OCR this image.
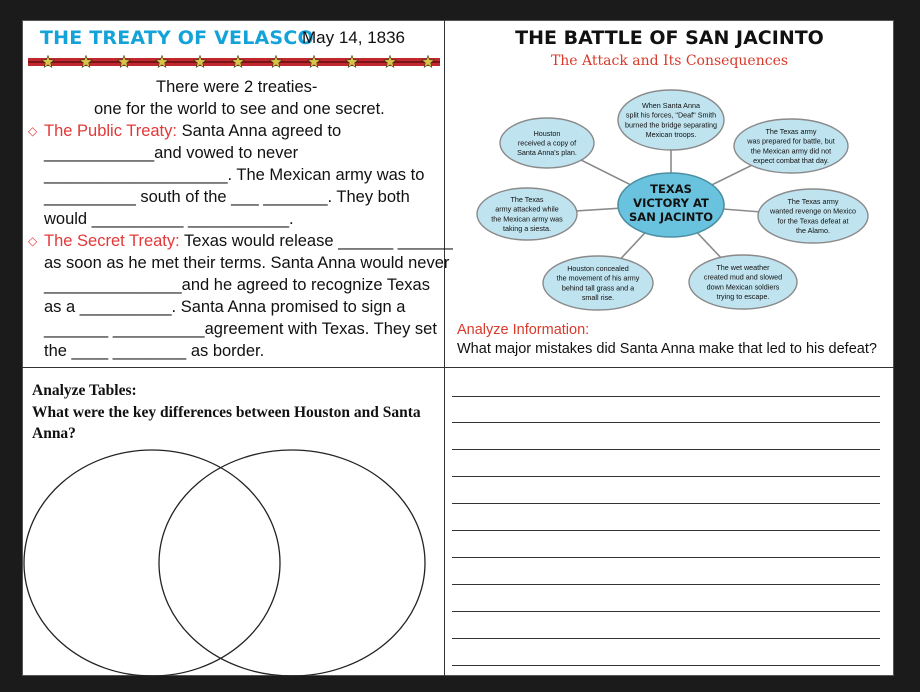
THE TREATY OF VELASCO
May 14, 1836
There were 2 treaties-
one for the world to see and one secret.
◇ The Public Treaty: Santa Anna agreed to
____________and vowed to never
____________________. The Mexican army was to
__________ south of the ___ _______. They both
would __________ ___________.
◇ The Secret Treaty: Texas would release ______ ______
as soon as he met their terms. Santa Anna would never
_______________and he agreed to recognize Texas
as a __________. Santa Anna promised to sign a
_______ __________agreement with Texas. They set
the ____ ________ as border.
THE BATTLE OF SAN JACINTO
The Attack and Its Consequences
TEXAS
VICTORY AT
SAN JACINTO
When Santa Anna
split his forces, "Deaf" Smith
burned the bridge separating
Mexican troops.	The Texas army
was prepared for battle, but
the Mexican army did not
expect combat that day.
The Texas army
wanted revenge on Mexico
for the Texas defeat at
the Alamo.
The wet weather
created mud and slowed
down Mexican soldiers
trying to escape.
Houston concealed
the movement of his army
behind tall grass and a
small rise.
The Texas
army attacked while
the Mexican army was
taking a siesta.
Houston
received a copy of
Santa Anna's plan.
Analyze Information:
What major mistakes did Santa Anna make that led to his defeat?
Analyze Tables:
What were the key differences between Houston and Santa Anna?
